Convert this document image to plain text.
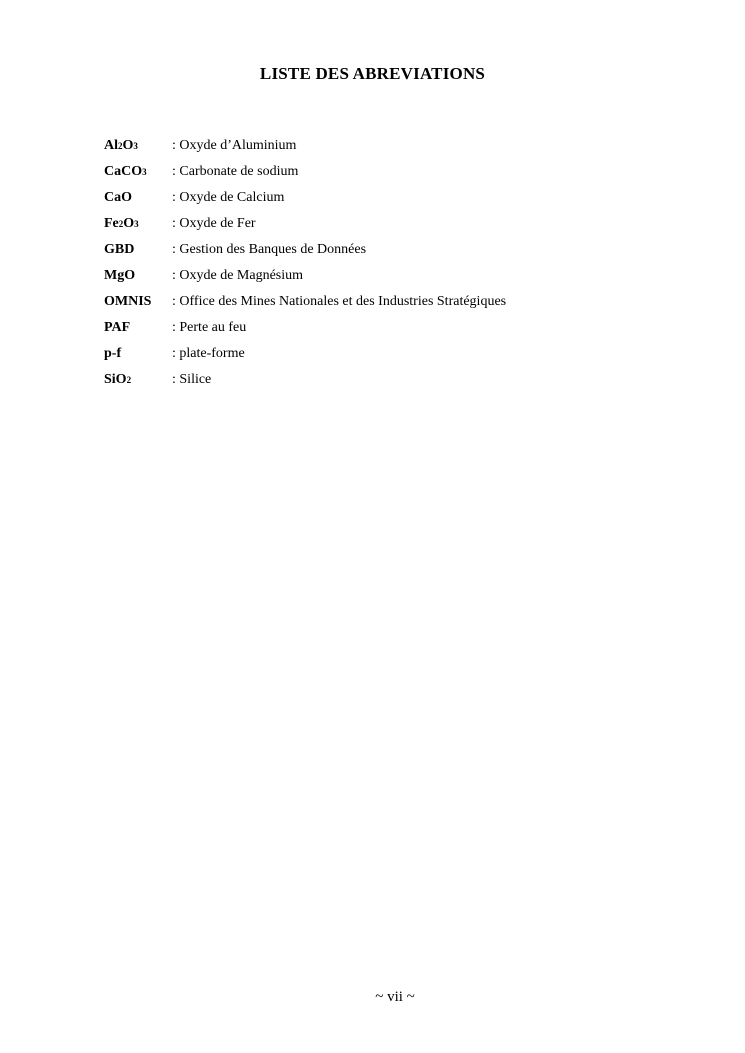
LISTE DES ABREVIATIONS
Al2O3	: Oxyde d’Aluminium
CaCO3	: Carbonate de sodium
CaO	: Oxyde de Calcium
Fe2O3	: Oxyde de Fer
GBD	: Gestion des Banques de Données
MgO	: Oxyde de Magnésium
OMNIS	: Office des Mines Nationales et des Industries Stratégiques
PAF	: Perte au feu
p-f	: plate-forme
SiO2	: Silice
~ vii ~
